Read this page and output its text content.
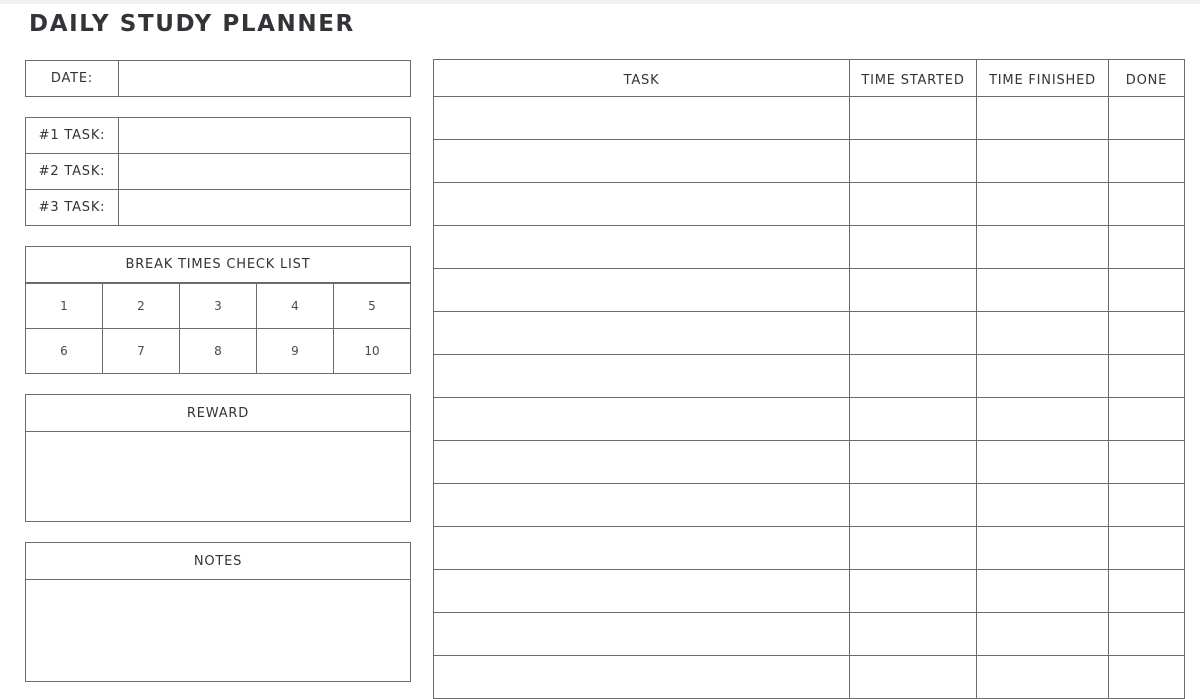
DAILY STUDY PLANNER
DATE:
#1 TASK:
#2 TASK:
#3 TASK:
BREAK TIMES CHECK LIST
1	2	3	4	5
6	7	8	9	10
REWARD
NOTES
TASK	TIME STARTED	TIME FINISHED	DONE
